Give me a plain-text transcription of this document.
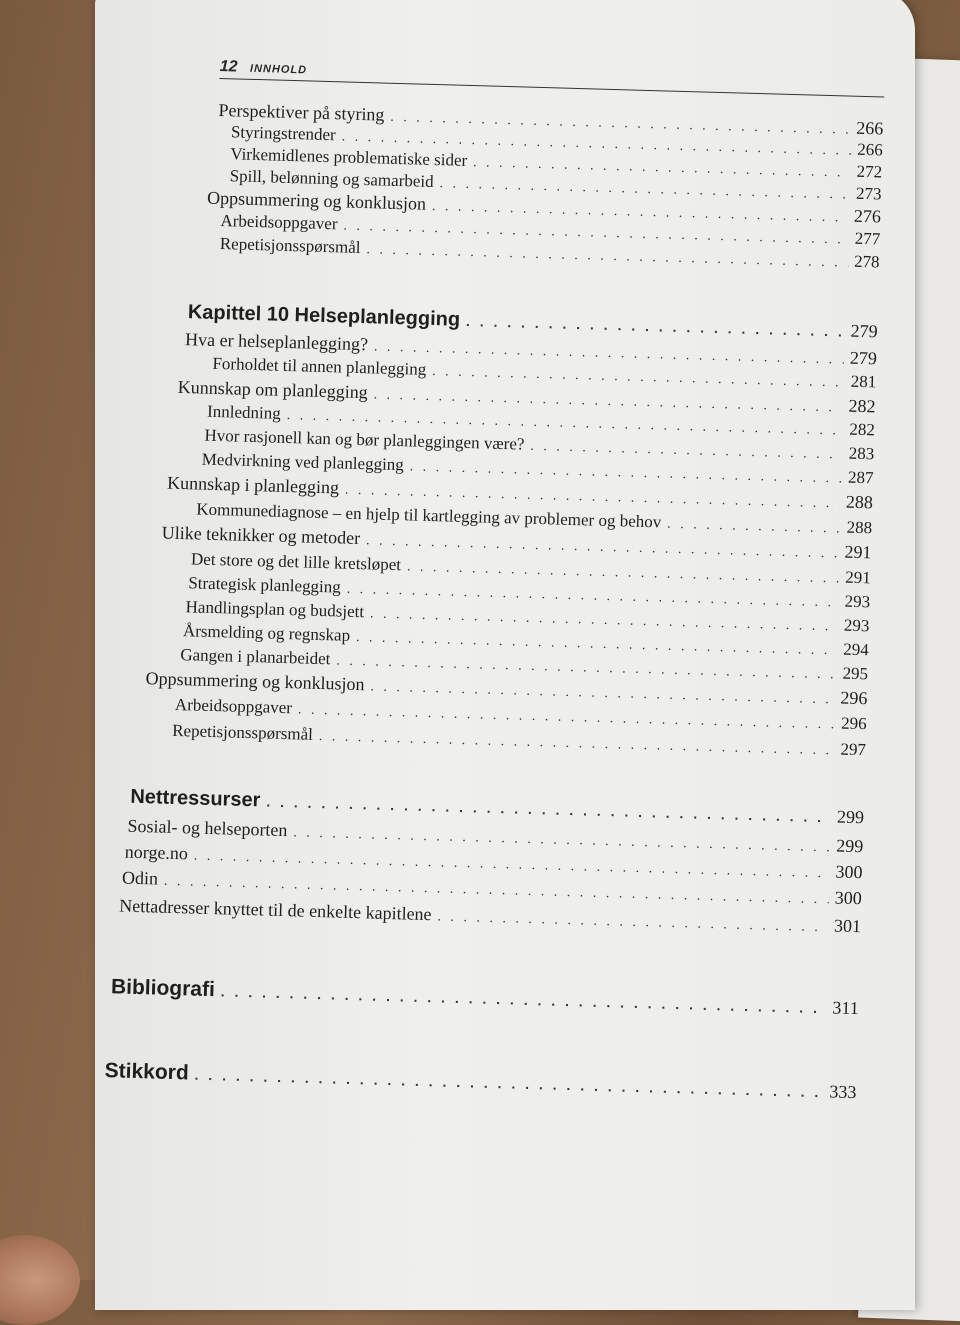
12 INNHOLD
Perspektiver på styring
. . .
266
Styringstrender
. . .
266
Virkemidlenes problematiske sider
. . .
272
Spill, belønning og samarbeid
. . .
273
Oppsummering og konklusjon
. . .
276
Arbeidsoppgaver
. . .
277
Repetisjonsspørsmål
. . .
278
Kapittel 10 Helseplanlegging
. . .
279
Hva er helseplanlegging?
. . .
279
Forholdet til annen planlegging
. . .
281
Kunnskap om planlegging
. . .
282
Innledning
. . .
282
Hvor rasjonell kan og bør planleggingen være? . . .	283
Medvirkning ved planlegging
. . .
287
Kunnskap i planlegging
. . .
288
Kommunediagnose – en hjelp til kartlegging av problemer og behov . . .	288
Ulike teknikker og metoder
. . .
291
Det store og det lille kretsløpet
. . .
291
Strategisk planlegging
. . .
293
Handlingsplan og budsjett
. . .
293
Årsmelding og regnskap
. . .
294
Gangen i planarbeidet
. . .
295
Oppsummering og konklusjon
. . .
296
Arbeidsoppgaver
. . .
296
Repetisjonsspørsmål
. . .
297
Nettressurser
. . .
299
Sosial- og helseporten
. . .
299
norge.no
. . .
300
Odin
. . .
300
Nettadresser knyttet til de enkelte kapitlene
. . .
301
Bibliografi
. . .
311
Stikkord
. . .
333
